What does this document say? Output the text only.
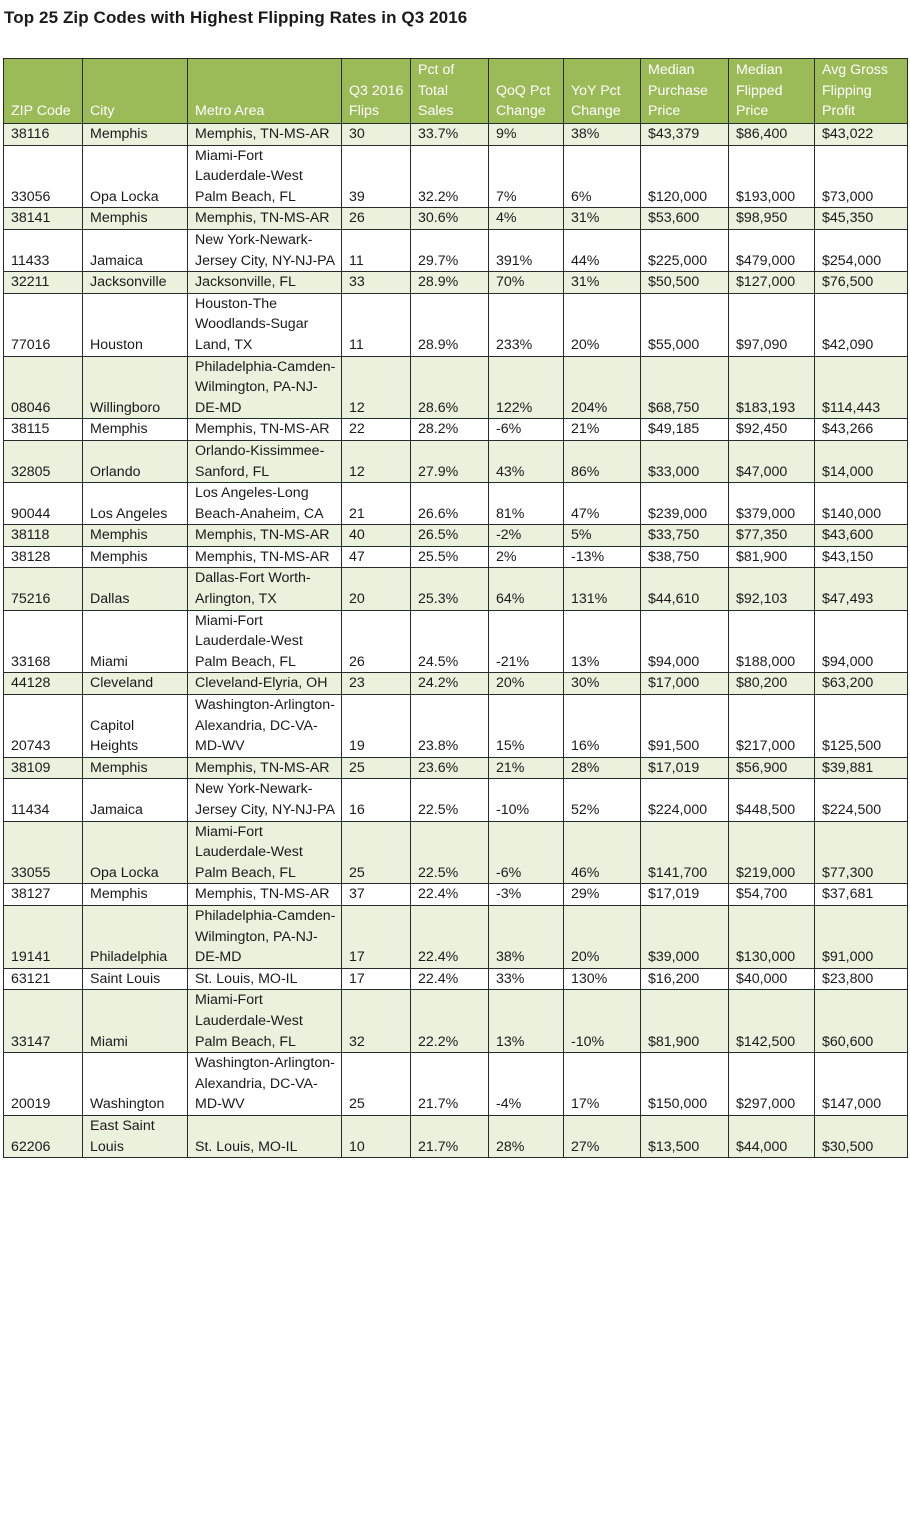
Top 25 Zip Codes with Highest Flipping Rates in Q3 2016
ZIP Code	City	Metro Area	Q3 2016 Flips	Pct of Total Sales	QoQ Pct Change	YoY Pct Change	Median Purchase Price	Median Flipped Price	Avg Gross Flipping Profit
38116	Memphis	Memphis, TN-MS-AR	30	33.7%	9%	38%	$43,379	$86,400	$43,022
33056	Opa Locka	Miami-Fort Lauderdale-West Palm Beach, FL	39	32.2%	7%	6%	$120,000	$193,000	$73,000
38141	Memphis	Memphis, TN-MS-AR	26	30.6%	4%	31%	$53,600	$98,950	$45,350
11433	Jamaica	New York-Newark-Jersey City, NY-NJ-PA	11	29.7%	391%	44%	$225,000	$479,000	$254,000
32211	Jacksonville	Jacksonville, FL	33	28.9%	70%	31%	$50,500	$127,000	$76,500
77016	Houston	Houston-The Woodlands-Sugar Land, TX	11	28.9%	233%	20%	$55,000	$97,090	$42,090
08046	Willingboro	Philadelphia-Camden-Wilmington, PA-NJ-DE-MD	12	28.6%	122%	204%	$68,750	$183,193	$114,443
38115	Memphis	Memphis, TN-MS-AR	22	28.2%	-6%	21%	$49,185	$92,450	$43,266
32805	Orlando	Orlando-Kissimmee-Sanford, FL	12	27.9%	43%	86%	$33,000	$47,000	$14,000
90044	Los Angeles	Los Angeles-Long Beach-Anaheim, CA	21	26.6%	81%	47%	$239,000	$379,000	$140,000
38118	Memphis	Memphis, TN-MS-AR	40	26.5%	-2%	5%	$33,750	$77,350	$43,600
38128	Memphis	Memphis, TN-MS-AR	47	25.5%	2%	-13%	$38,750	$81,900	$43,150
75216	Dallas	Dallas-Fort Worth-Arlington, TX	20	25.3%	64%	131%	$44,610	$92,103	$47,493
33168	Miami	Miami-Fort Lauderdale-West Palm Beach, FL	26	24.5%	-21%	13%	$94,000	$188,000	$94,000
44128	Cleveland	Cleveland-Elyria, OH	23	24.2%	20%	30%	$17,000	$80,200	$63,200
20743	Capitol Heights	Washington-Arlington-Alexandria, DC-VA-MD-WV	19	23.8%	15%	16%	$91,500	$217,000	$125,500
38109	Memphis	Memphis, TN-MS-AR	25	23.6%	21%	28%	$17,019	$56,900	$39,881
11434	Jamaica	New York-Newark-Jersey City, NY-NJ-PA	16	22.5%	-10%	52%	$224,000	$448,500	$224,500
33055	Opa Locka	Miami-Fort Lauderdale-West Palm Beach, FL	25	22.5%	-6%	46%	$141,700	$219,000	$77,300
38127	Memphis	Memphis, TN-MS-AR	37	22.4%	-3%	29%	$17,019	$54,700	$37,681
19141	Philadelphia	Philadelphia-Camden-Wilmington, PA-NJ-DE-MD	17	22.4%	38%	20%	$39,000	$130,000	$91,000
63121	Saint Louis	St. Louis, MO-IL	17	22.4%	33%	130%	$16,200	$40,000	$23,800
33147	Miami	Miami-Fort Lauderdale-West Palm Beach, FL	32	22.2%	13%	-10%	$81,900	$142,500	$60,600
20019	Washington	Washington-Arlington-Alexandria, DC-VA-MD-WV	25	21.7%	-4%	17%	$150,000	$297,000	$147,000
62206	East Saint Louis	St. Louis, MO-IL	10	21.7%	28%	27%	$13,500	$44,000	$30,500
